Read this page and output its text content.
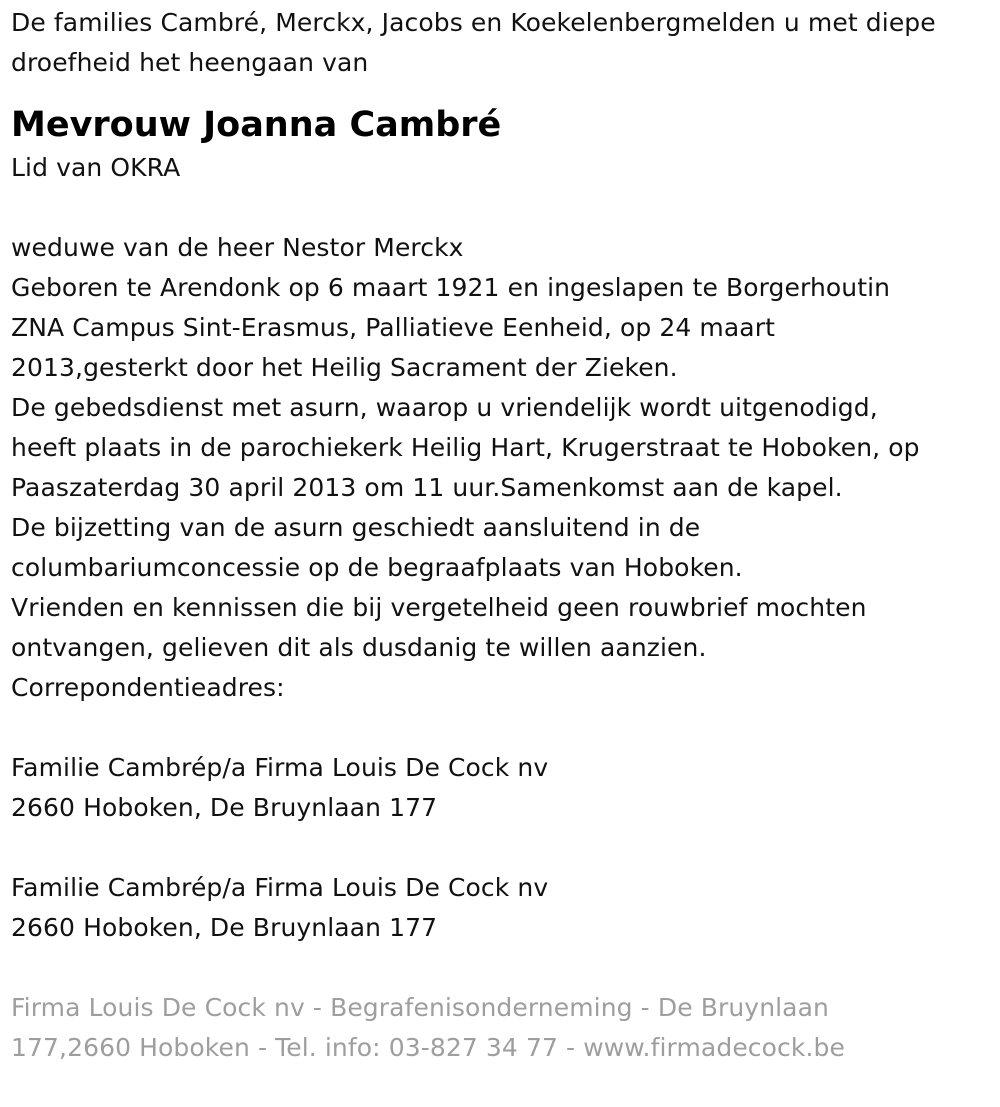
De families Cambré, Merckx, Jacobs en Koekelenbergmelden u met diepe
droefheid het heengaan van
Mevrouw Joanna Cambré
Lid van OKRA
weduwe van de heer Nestor Merckx
Geboren te Arendonk op 6 maart 1921 en ingeslapen te Borgerhoutin
ZNA Campus Sint-Erasmus, Palliatieve Eenheid, op 24 maart
2013,gesterkt door het Heilig Sacrament der Zieken.
De gebedsdienst met asurn, waarop u vriendelijk wordt uitgenodigd,
heeft plaats in de parochiekerk Heilig Hart, Krugerstraat te Hoboken, op
Paaszaterdag 30 april 2013 om 11 uur.Samenkomst aan de kapel.
De bijzetting van de asurn geschiedt aansluitend in de
columbariumconcessie op de begraafplaats van Hoboken.
Vrienden en kennissen die bij vergetelheid geen rouwbrief mochten
ontvangen, gelieven dit als dusdanig te willen aanzien.
Correpondentieadres:
Familie Cambrép/a Firma Louis De Cock nv
2660 Hoboken, De Bruynlaan 177
Familie Cambrép/a Firma Louis De Cock nv
2660 Hoboken, De Bruynlaan 177
Firma Louis De Cock nv - Begrafenisonderneming - De Bruynlaan
177,2660 Hoboken - Tel. info: 03-827 34 77 - www.firmadecock.be
